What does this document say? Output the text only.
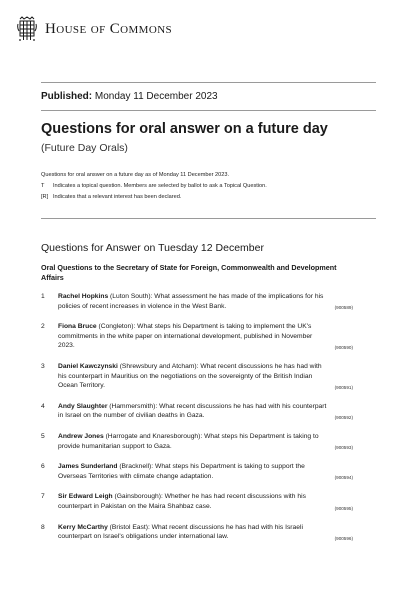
HOUSE OF COMMONS
Published: Monday 11 December 2023
Questions for oral answer on a future day
(Future Day Orals)
Questions for oral answer on a future day as of Monday 11 December 2023.
T Indicates a topical question. Members are selected by ballot to ask a Topical Question.
[R] Indicates that a relevant interest has been declared.
Questions for Answer on Tuesday 12 December
Oral Questions to the Secretary of State for Foreign, Commonwealth and Development Affairs
1	Rachel Hopkins (Luton South): What assessment he has made of the implications for his policies of recent increases in violence in the West Bank.	(900589)
2	Fiona Bruce (Congleton): What steps his Department is taking to implement the UK's commitments in the white paper on international development, published in November 2023.	(900590)
3	Daniel Kawczynski (Shrewsbury and Atcham): What recent discussions he has had with his counterpart in Mauritius on the negotiations on the sovereignty of the British Indian Ocean Territory.	(900591)
4	Andy Slaughter (Hammersmith): What recent discussions he has had with his counterpart in Israel on the number of civilian deaths in Gaza.	(900592)
5	Andrew Jones (Harrogate and Knaresborough): What steps his Department is taking to provide humanitarian support to Gaza.	(900593)
6	James Sunderland (Bracknell): What steps his Department is taking to support the Overseas Territories with climate change adaptation.	(900594)
7	Sir Edward Leigh (Gainsborough): Whether he has had recent discussions with his counterpart in Pakistan on the Maira Shahbaz case.	(900595)
8	Kerry McCarthy (Bristol East): What recent discussions he has had with his Israeli counterpart on Israel's obligations under international law.	(900596)
